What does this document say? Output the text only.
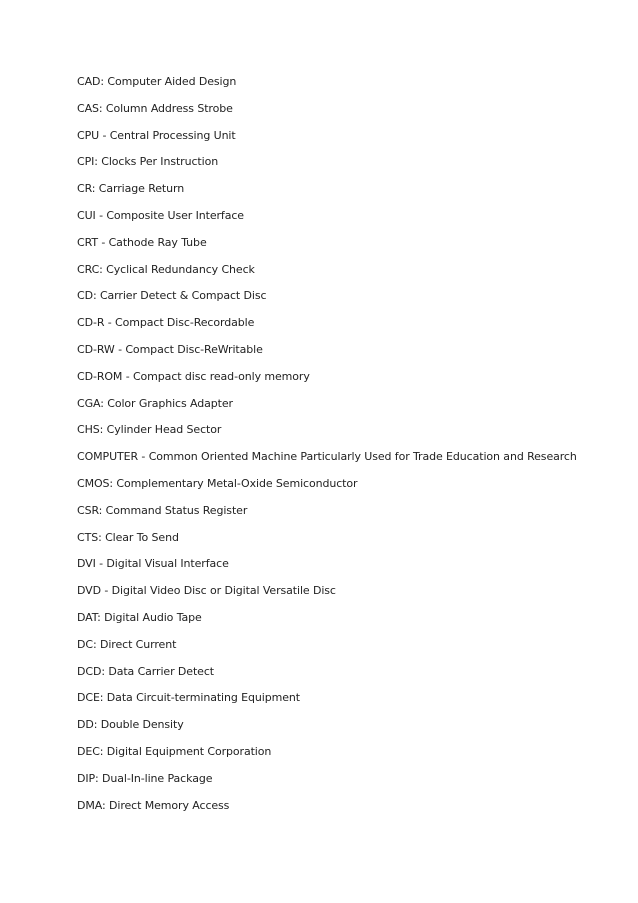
CAD: Computer Aided Design
CAS: Column Address Strobe
CPU - Central Processing Unit
CPI: Clocks Per Instruction
CR: Carriage Return
CUI - Composite User Interface
CRT - Cathode Ray Tube
CRC: Cyclical Redundancy Check
CD: Carrier Detect & Compact Disc
CD-R - Compact Disc-Recordable
CD-RW - Compact Disc-ReWritable
CD-ROM - Compact disc read-only memory
CGA: Color Graphics Adapter
CHS: Cylinder Head Sector
COMPUTER - Common Oriented Machine Particularly Used for Trade Education and Research
CMOS: Complementary Metal-Oxide Semiconductor
CSR: Command Status Register
CTS: Clear To Send
DVI - Digital Visual Interface
DVD - Digital Video Disc or Digital Versatile Disc
DAT: Digital Audio Tape
DC: Direct Current
DCD: Data Carrier Detect
DCE: Data Circuit-terminating Equipment
DD: Double Density
DEC: Digital Equipment Corporation
DIP: Dual-In-line Package
DMA: Direct Memory Access
